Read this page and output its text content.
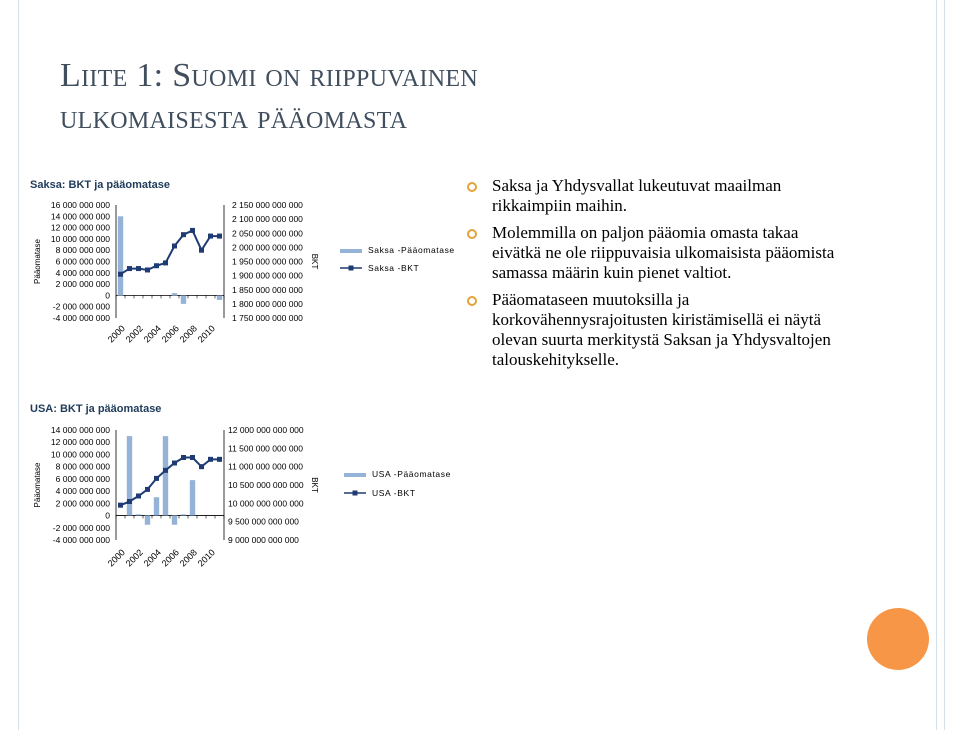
Liite 1: Suomi on riippuvainen
ulkomaisesta pääomasta
Saksa: BKT ja pääomatase
USA: BKT ja pääomatase
16 000 000 000
14 000 000 000
12 000 000 000
10 000 000 000
8 000 000 000
6 000 000 000
4 000 000 000
2 000 000 000
0
-2 000 000 000
-4 000 000 000
2 150 000 000 000
2 100 000 000 000
2 050 000 000 000
2 000 000 000 000
1 950 000 000 000
1 900 000 000 000
1 850 000 000 000
1 800 000 000 000
1 750 000 000 000
Pääomatase	BKT
2000
2002
2004
2006
2008
2010
Saksa -Pääomatase
Saksa -BKT
14 000 000 000
12 000 000 000
10 000 000 000
8 000 000 000
6 000 000 000
4 000 000 000
2 000 000 000
0
-2 000 000 000
-4 000 000 000
12 000 000 000 000
11 500 000 000 000
11 000 000 000 000
10 500 000 000 000
10 000 000 000 000
9 500 000 000 000
9 000 000 000 000
Pääomatase	BKT
2000
2002
2004
2006
2008
2010
USA -Pääomatase
USA -BKT
Saksa ja Yhdysvallat lukeutuvat maailman rikkaimpiin maihin.
Molemmilla on paljon pääomia omasta takaa eivätkä ne ole riippuvaisia ulkomaisista pääomista samassa määrin kuin pienet valtiot.
Pääomataseen muutoksilla ja korkovähennysrajoitusten kiristämisellä ei näytä olevan suurta merkitystä Saksan ja Yhdysvaltojen talouskehitykselle.
